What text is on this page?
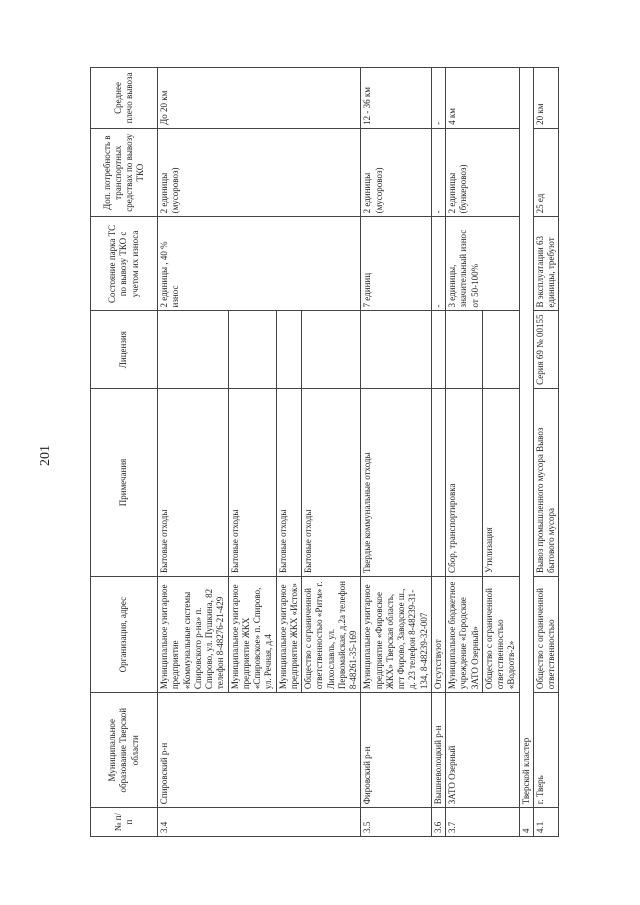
201
№ п/п	Муниципальное образование Тверской области	Организация, адрес	Примечания	Лицензия	Состояние парка ТС по вывозу ТКО с учетом их износа	Доп. потребность в транспортных средствах по вывозу ТКО	Среднее плечо вывоза
3.4	Спировский р-н	Муниципальное унитарное предприятие «Коммунальные системы Спировского р-на» п. Спирово, ул. Пушкина, 82 телефон 8-48276-21-429	Бытовые отходы		2 единицы , 40 % износ	2 единицы (мусоровоз)	До 20 км
		Муниципальное унитарное предприятие ЖКХ «Спировское» п. Спирово, ул. Речная, д.4	Бытовые отходы				
		Муниципальное унитарное предприятие ЖКХ «Исток»	Бытовые отходы				
		Общество с ограниченной ответственностью «Ритм» г. Лихославль, ул. Первомайская, д.2а телефон 8-48261-35-169	Бытовые отходы				
3.5	Фировский р-н	Муниципальное унитарное предприятие «Фировское ЖКХ» Тверская область, пгт Фирово, Заводское ш., д. 23 телефон 8-48239-31-134, 8-48239-32-007	Твердые коммунальные отходы		7 единиц	2 единицы (мусоровоз)	12 - 36 км
3.6	Вышневолоцкий р-н	Отсутствуют			-	-	-
3.7	ЗАТО Озерный	Муниципальное бюджетное учреждение «Городские ЗАТО Озерный»	Сбор, транспортировка		3 единицы, значительный износ от 50-100%	2 единицы (бункеровоз)	4 км
		Общество с ограниченной ответственностью «Водоотв-2»	Утилизация				
4	Тверской кластер						
4.1	г. Тверь	Общество с ограниченной ответственностью	Вывоз промышленного мусора Вывоз бытового мусора	Серия 69 № 00155	В эксплуатации 63 единицы, требуют	25 ед	20 км
